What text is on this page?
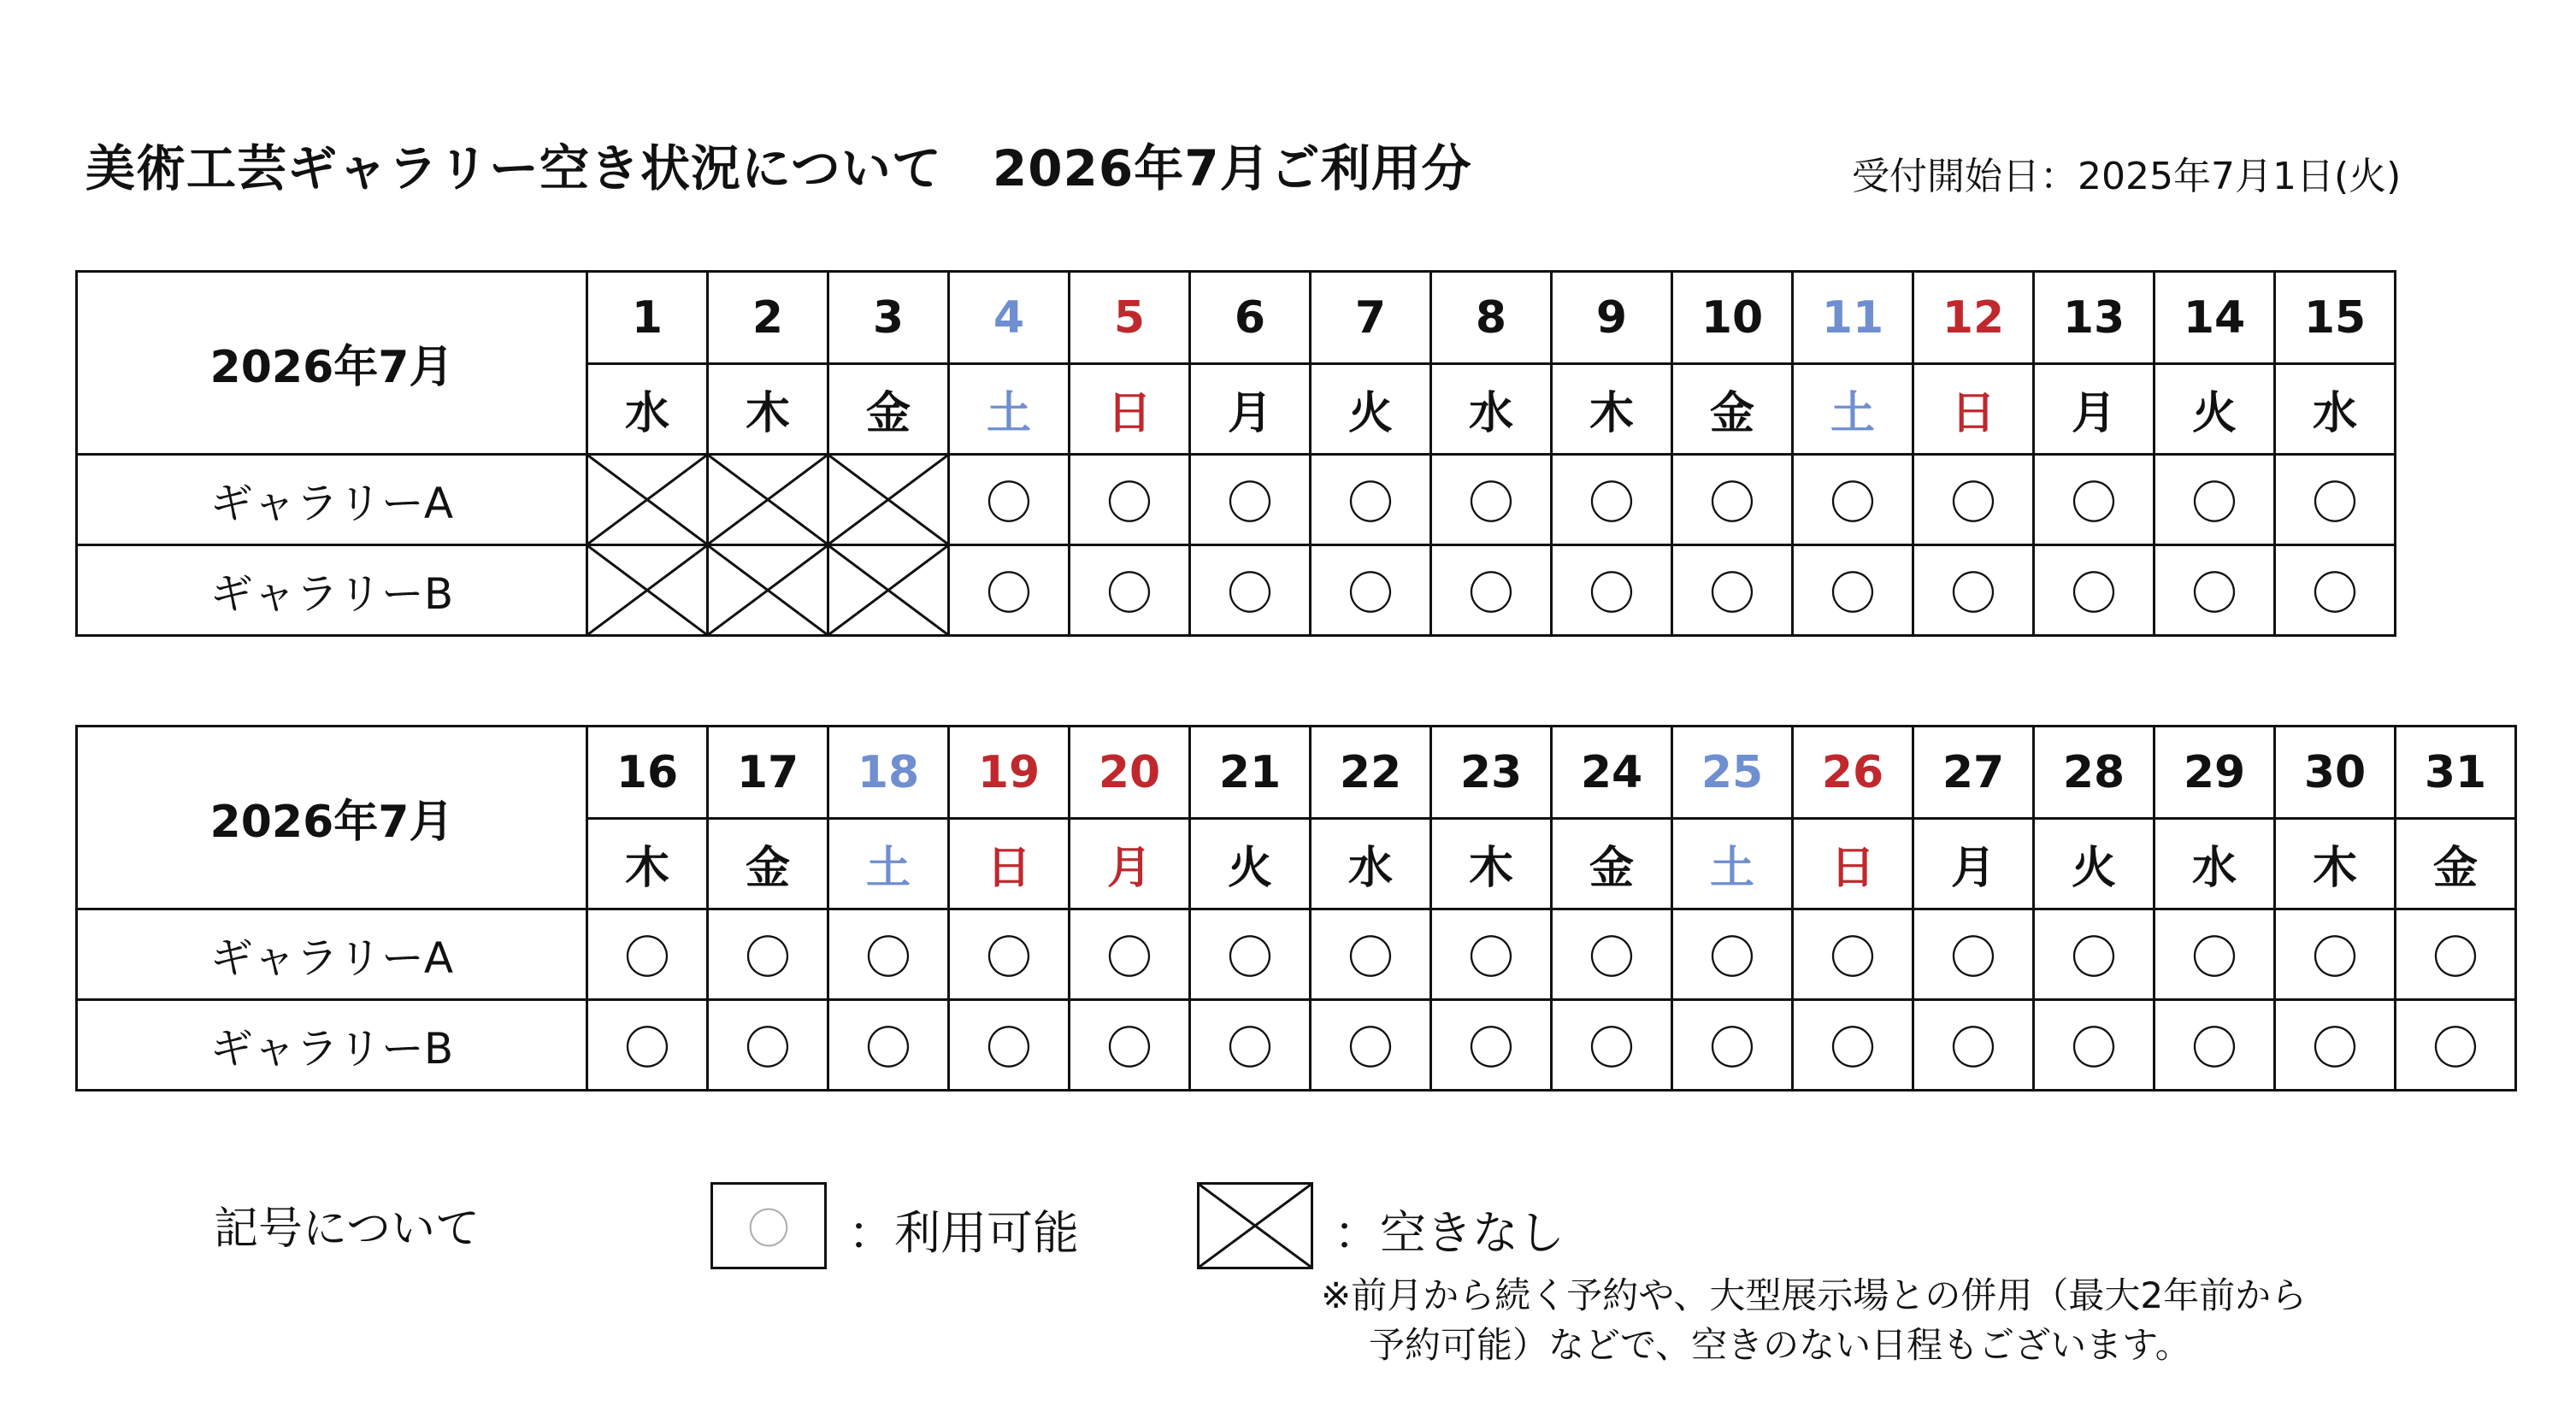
美術工芸ギャラリー空き状況について　2026年7月ご利用分	受付開始日：2025年7月1日(火)
2026年7月	1	2	3	4	5	6	7	8	9	10	11	12	13	14	15
	水	木	金	土	日	月	火	水	木	金	土	日	月	火	水
ギャラリーA				〇	〇	〇	〇	〇	〇	〇	〇	〇	〇	〇	〇
ギャラリーB				〇	〇	〇	〇	〇	〇	〇	〇	〇	〇	〇	〇
2026年7月	16	17	18	19	20	21	22	23	24	25	26	27	28	29	30	31
	木	金	土	日	月	火	水	木	金	土	日	月	火	水	木	金
ギャラリーA	〇	〇	〇	〇	〇	〇	〇	〇	〇	〇	〇	〇	〇	〇	〇	〇
ギャラリーB	〇	〇	〇	〇	〇	〇	〇	〇	〇	〇	〇	〇	〇	〇	〇	〇
記号について	〇	：利用可能	：空きなし
※前月から続く予約や、大型展示場との併用（最大2年前から
予約可能）などで、空きのない日程もございます。
